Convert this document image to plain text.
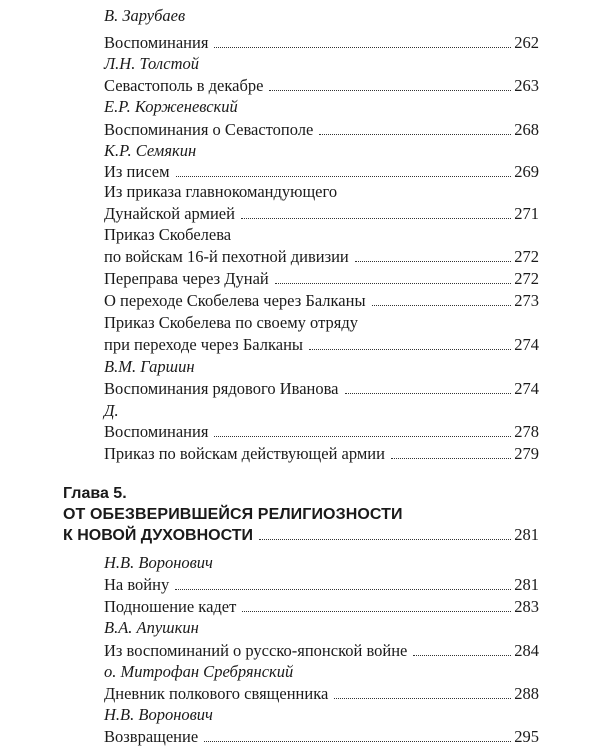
В. Зарубаев
Воспоминания	262
Л.Н. Толстой
Севастополь в декабре	263
Е.Р. Корженевский
Воспоминания о Севастополе	268
К.Р. Семякин
Из писем	269
Из приказа главнокомандующего
Дунайской армией	271
Приказ Скобелева
по войскам 16-й пехотной дивизии	272
Переправа через Дунай	272
О переходе Скобелева через Балканы	273
Приказ Скобелева по своему отряду
при переходе через Балканы	274
В.М. Гаршин
Воспоминания рядового Иванова	274
Д.
Воспоминания	278
Приказ по войскам действующей армии	279
Глава 5.
ОТ ОБЕЗВЕРИВШЕЙСЯ РЕЛИГИОЗНОСТИ
К НОВОЙ ДУХОВНОСТИ	281
Н.В. Воронович
На войну	281
Подношение кадет	283
В.А. Апушкин
Из воспоминаний о русско-японской войне	284
о. Митрофан Сребрянский
Дневник полкового священника	288
Н.В. Воронович
Возвращение	295
